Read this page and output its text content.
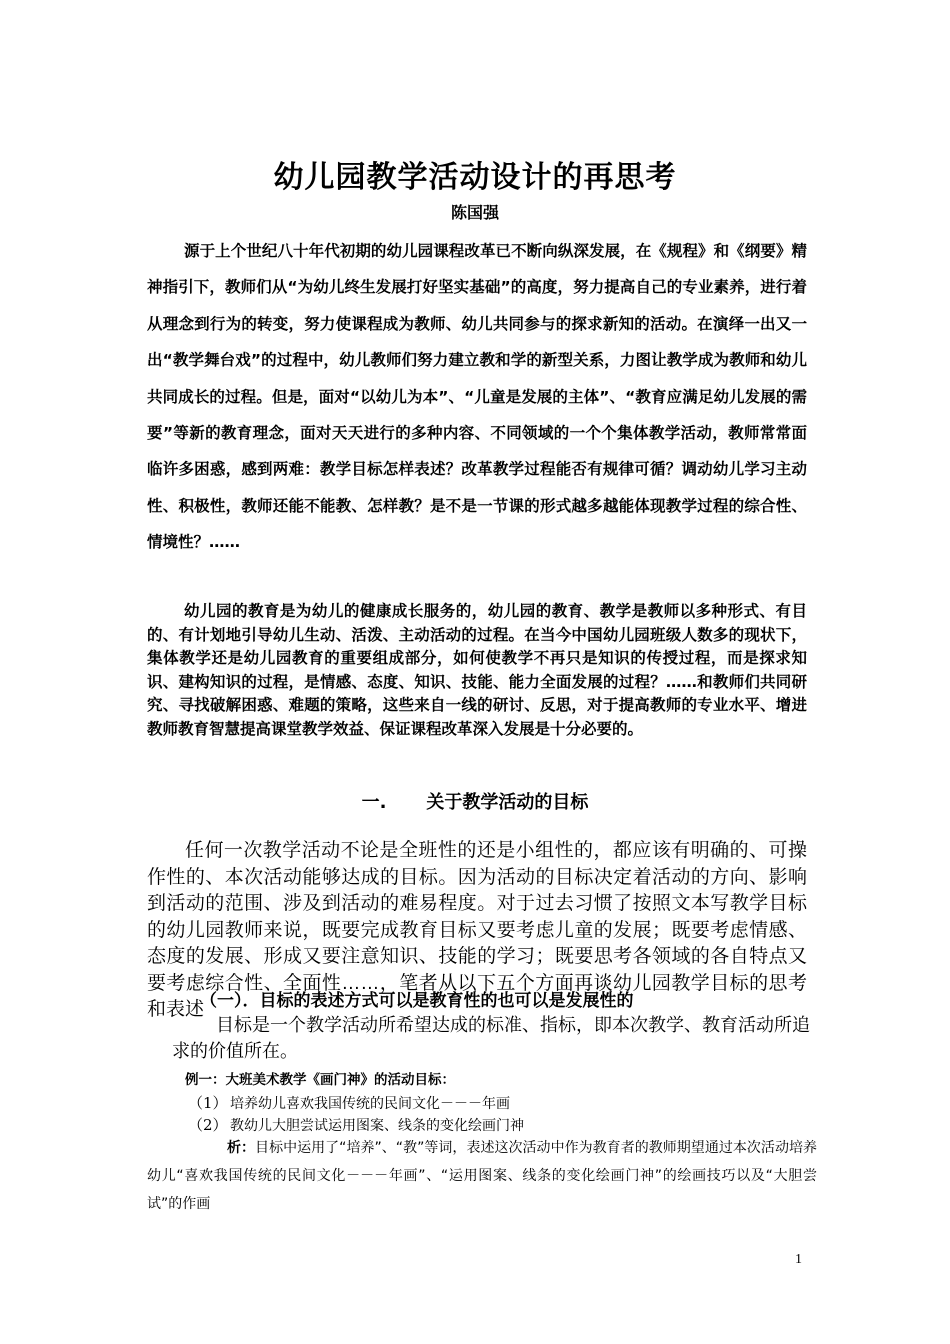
幼儿园教学活动设计的再思考
陈国强

源于上个世纪八十年代初期的幼儿园课程改革已不断向纵深发展，在《规程》和《纲要》精神指引下，教师们从“为幼儿终生发展打好坚实基础”的高度，努力提高自己的专业素养，进行着从理念到行为的转变，努力使课程成为教师、幼儿共同参与的探求新知的活动。在演绎一出又一出“教学舞台戏”的过程中，幼儿教师们努力建立教和学的新型关系，力图让教学成为教师和幼儿共同成长的过程。但是，面对“以幼儿为本”、“儿童是发展的主体”、“教育应满足幼儿发展的需要”等新的教育理念，面对天天进行的多种内容、不同领域的一个个集体教学活动，教师常常面临许多困惑，感到两难：教学目标怎样表述？改革教学过程能否有规律可循？调动幼儿学习主动性、积极性，教师还能不能教、怎样教？是不是一节课的形式越多越能体现教学过程的综合性、情境性？……

幼儿园的教育是为幼儿的健康成长服务的，幼儿园的教育、教学是教师以多种形式、有目的、有计划地引导幼儿生动、活泼、主动活动的过程。在当今中国幼儿园班级人数多的现状下，集体教学还是幼儿园教育的重要组成部分，如何使教学不再只是知识的传授过程，而是探求知识、建构知识的过程，是情感、态度、知识、技能、能力全面发展的过程？……和教师们共同研究、寻找破解困惑、难题的策略，这些来自一线的研讨、反思，对于提高教师的专业水平、增进教师教育智慧提高课堂教学效益、保证课程改革深入发展是十分必要的。

一. 关于教学活动的目标

任何一次教学活动不论是全班性的还是小组性的，都应该有明确的、可操作性的、本次活动能够达成的目标。因为活动的目标决定着活动的方向、影响到活动的范围、涉及到活动的难易程度。对于过去习惯了按照文本写教学目标的幼儿园教师来说，既要完成教育目标又要考虑儿童的发展；既要考虑情感、态度的发展、形成又要注意知识、技能的学习；既要思考各领域的各自特点又要考虑综合性、全面性……，笔者从以下五个方面再谈幼儿园教学目标的思考和表述

（一）．目标的表述方式可以是教育性的也可以是发展性的

目标是一个教学活动所希望达成的标准、指标，即本次教学、教育活动所追求的价值所在。

例一：大班美术教学《画门神》的活动目标：

（1） 培养幼儿喜欢我国传统的民间文化－－－年画

（2） 教幼儿大胆尝试运用图案、线条的变化绘画门神

析：目标中运用了“培养”、“教”等词，表述这次活动中作为教育者的教师期望通过本次活动培养幼儿“喜欢我国传统的民间文化－－－年画”、“运用图案、线条的变化绘画门神”的绘画技巧以及“大胆尝试”的作画

1
